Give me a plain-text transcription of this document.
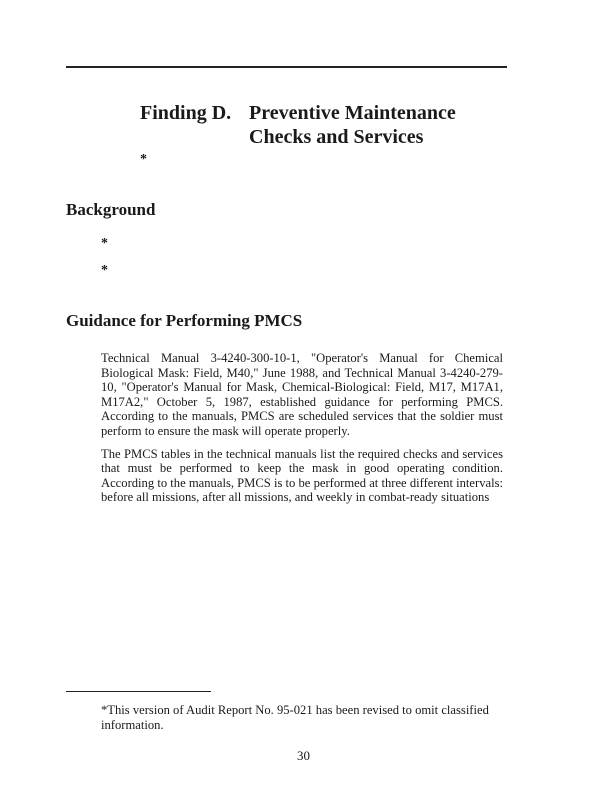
Finding D. Preventive Maintenance
Checks and Services
*
Background
*
*
Guidance for Performing PMCS

Technical Manual 3-4240-300-10-1, "Operator's Manual for Chemical Biological Mask: Field, M40," June 1988, and Technical Manual 3-4240-279-10, "Operator's Manual for Mask, Chemical-Biological: Field, M17, M17A1, M17A2," October 5, 1987, established guidance for performing PMCS. According to the manuals, PMCS are scheduled services that the soldier must perform to ensure the mask will operate properly.

The PMCS tables in the technical manuals list the required checks and services that must be performed to keep the mask in good operating condition. According to the manuals, PMCS is to be performed at three different intervals: before all missions, after all missions, and weekly in combat-ready situations

*This version of Audit Report No. 95-021 has been revised to omit classified information.
30
